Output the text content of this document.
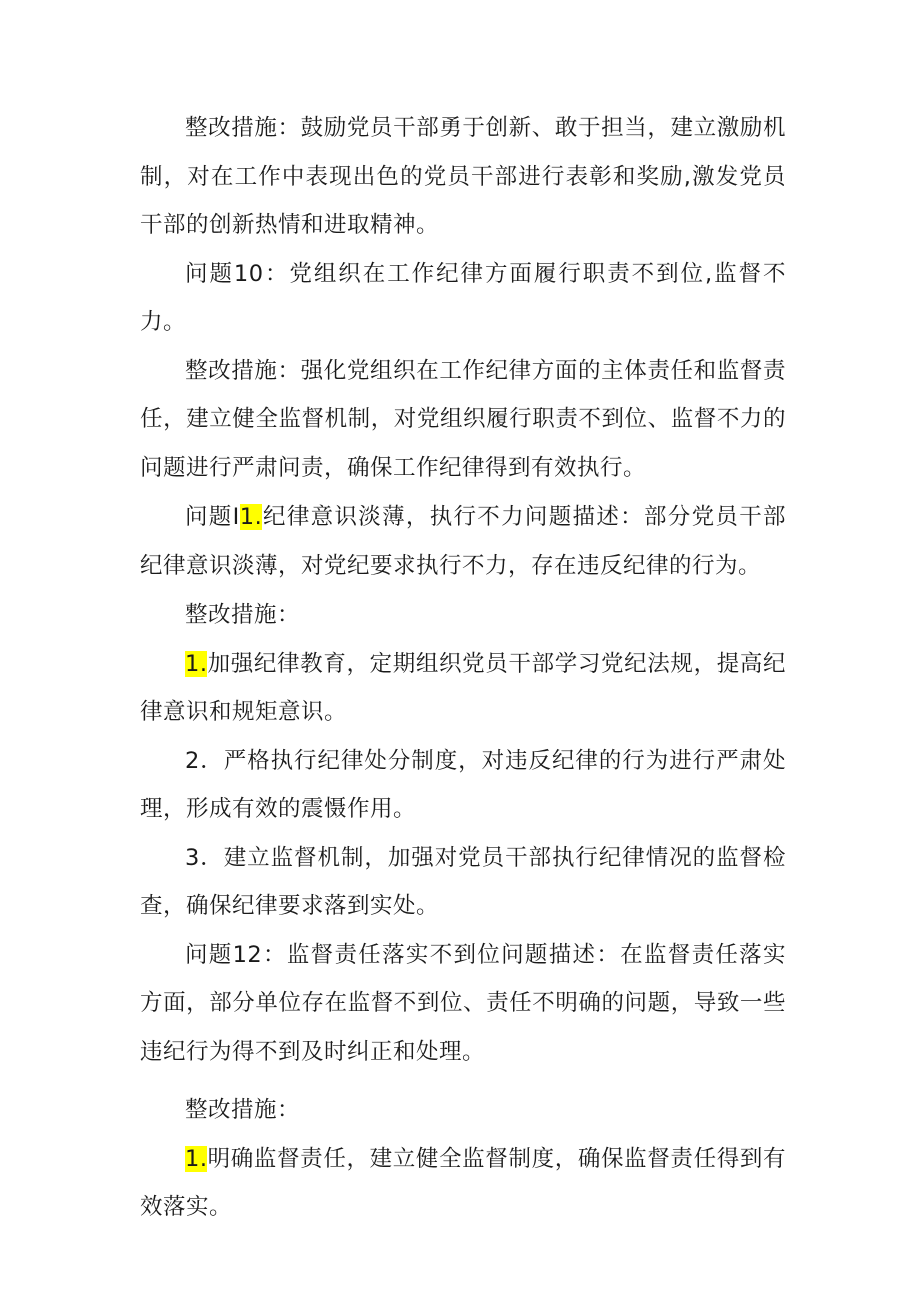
整改措施：鼓励党员干部勇于创新、敢于担当，建立激励机制，对在工作中表现出色的党员干部进行表彰和奖励,激发党员干部的创新热情和进取精神。

问题10：党组织在工作纪律方面履行职责不到位,监督不力。

整改措施：强化党组织在工作纪律方面的主体责任和监督责任，建立健全监督机制，对党组织履行职责不到位、监督不力的问题进行严肃问责，确保工作纪律得到有效执行。

问题I1.纪律意识淡薄，执行不力问题描述：部分党员干部纪律意识淡薄，对党纪要求执行不力，存在违反纪律的行为。

整改措施：

1.加强纪律教育，定期组织党员干部学习党纪法规，提高纪律意识和规矩意识。

2．严格执行纪律处分制度，对违反纪律的行为进行严肃处理，形成有效的震慑作用。

3．建立监督机制，加强对党员干部执行纪律情况的监督检查，确保纪律要求落到实处。

问题12：监督责任落实不到位问题描述：在监督责任落实方面，部分单位存在监督不到位、责任不明确的问题，导致一些违纪行为得不到及时纠正和处理。

整改措施：

1.明确监督责任，建立健全监督制度，确保监督责任得到有效落实。
